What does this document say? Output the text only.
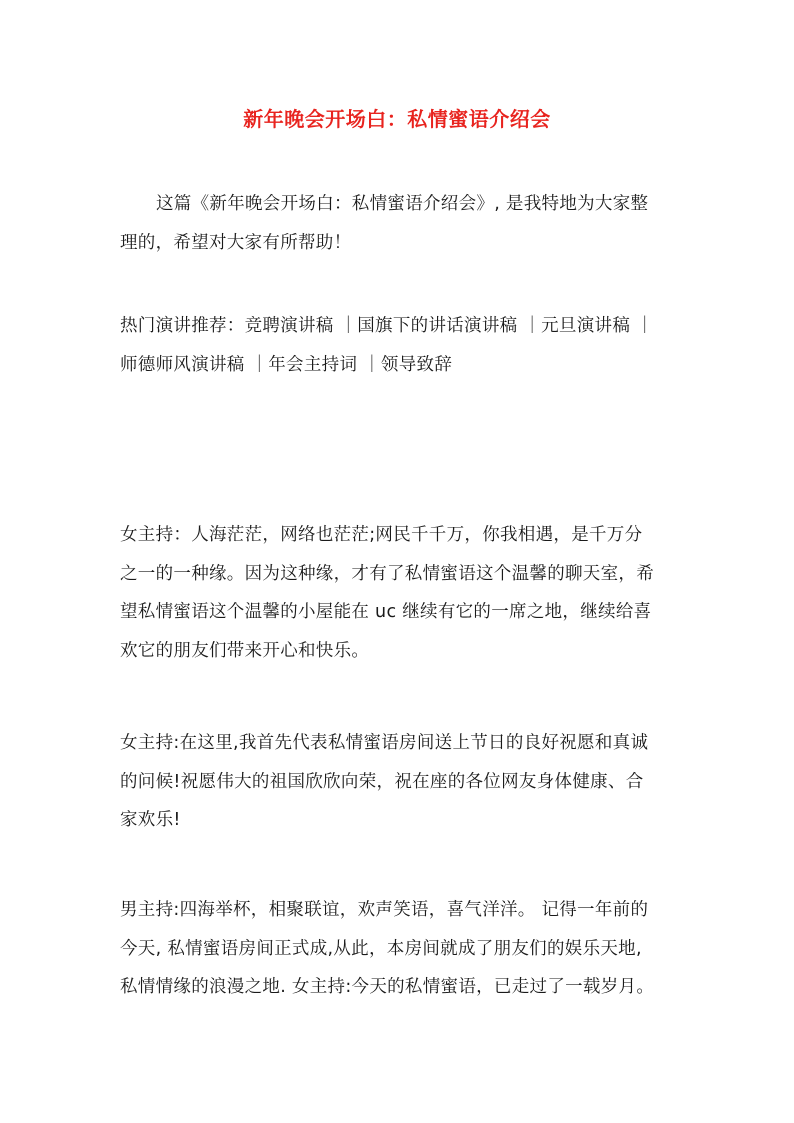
新年晚会开场白：私情蜜语介绍会

这篇《新年晚会开场白：私情蜜语介绍会》, 是我特地为大家整
理的，希望对大家有所帮助！

热门演讲推荐：竞聘演讲稿 ｜国旗下的讲话演讲稿 ｜元旦演讲稿 ｜
师德师风演讲稿 ｜年会主持词 ｜领导致辞

女主持：人海茫茫，网络也茫茫;网民千千万，你我相遇，是千万分
之一的一种缘。因为这种缘，才有了私情蜜语这个温馨的聊天室，希
望私情蜜语这个温馨的小屋能在 uc 继续有它的一席之地，继续给喜
欢它的朋友们带来开心和快乐。

女主持:在这里,我首先代表私情蜜语房间送上节日的良好祝愿和真诚
的问候!祝愿伟大的祖国欣欣向荣，祝在座的各位网友身体健康、合
家欢乐!

男主持:四海举杯，相聚联谊，欢声笑语，喜气洋洋。 记得一年前的
今天, 私情蜜语房间正式成,从此，本房间就成了朋友们的娱乐天地,
私情情缘的浪漫之地. 女主持:今天的私情蜜语，已走过了一载岁月。
